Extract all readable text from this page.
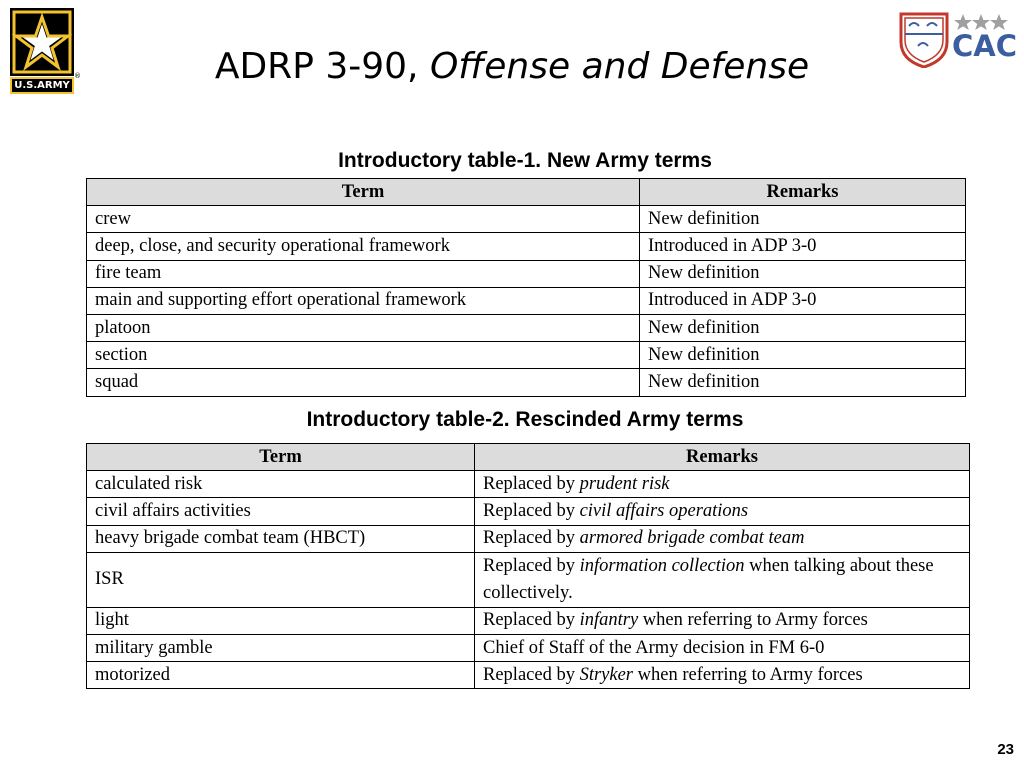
U.S.ARMY
®
CAC
ADRP 3-90, Offense and Defense
Introductory table-1. New Army terms
Term	Remarks
crew	New definition
deep, close, and security operational framework	Introduced in ADP 3-0
fire team	New definition
main and supporting effort operational framework	Introduced in ADP 3-0
platoon	New definition
section	New definition
squad	New definition
Introductory table-2. Rescinded Army terms
Term	Remarks
calculated risk	Replaced by prudent risk
civil affairs activities	Replaced by civil affairs operations
heavy brigade combat team (HBCT)	Replaced by armored brigade combat team
ISR	Replaced by information collection when talking about these collectively.
light	Replaced by infantry when referring to Army forces
military gamble	Chief of Staff of the Army decision in FM 6-0
motorized	Replaced by Stryker when referring to Army forces
23
